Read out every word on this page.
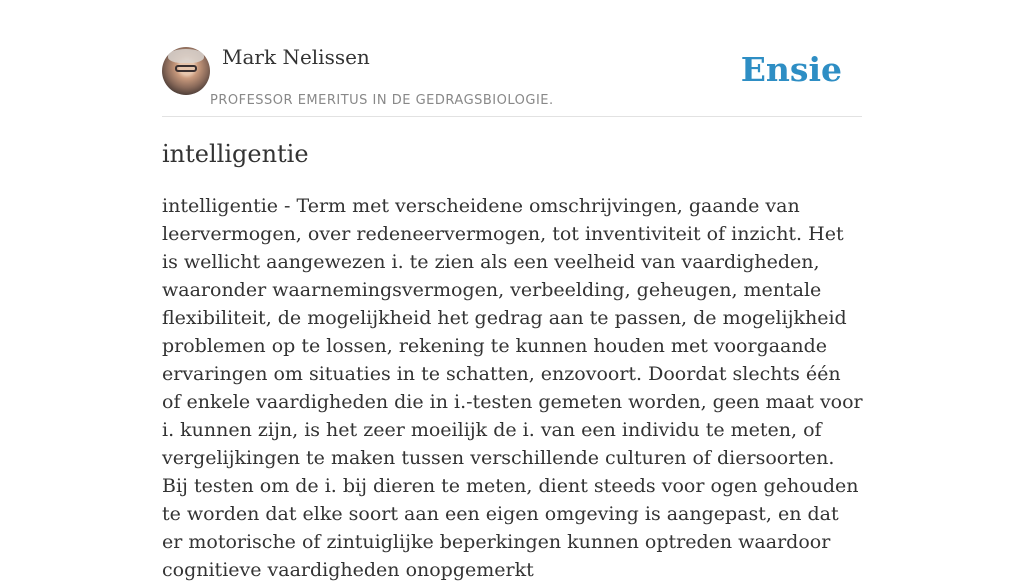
Mark Nelissen
PROFESSOR EMERITUS IN DE GEDRAGSBIOLOGIE.
Ensie
intelligentie

intelligentie - Term met verscheidene omschrijvingen, gaande van leervermogen, over redeneervermogen, tot inventiviteit of inzicht. Het is wellicht aangewezen i. te zien als een veelheid van vaardigheden, waaronder waarnemingsvermogen, verbeelding, geheugen, mentale flexibiliteit, de mogelijkheid het gedrag aan te passen, de mogelijkheid problemen op te lossen, rekening te kunnen houden met voorgaande ervaringen om situaties in te schatten, enzovoort. Doordat slechts één of enkele vaardigheden die in i.-testen gemeten worden, geen maat voor i. kunnen zijn, is het zeer moeilijk de i. van een individu te meten, of vergelijkingen te maken tussen verschillende culturen of diersoorten. Bij testen om de i. bij dieren te meten, dient steeds voor ogen gehouden te worden dat elke soort aan een eigen omgeving is aangepast, en dat er motorische of zintuiglijke beperkingen kunnen optreden waardoor cognitieve vaardigheden onopgemerkt
